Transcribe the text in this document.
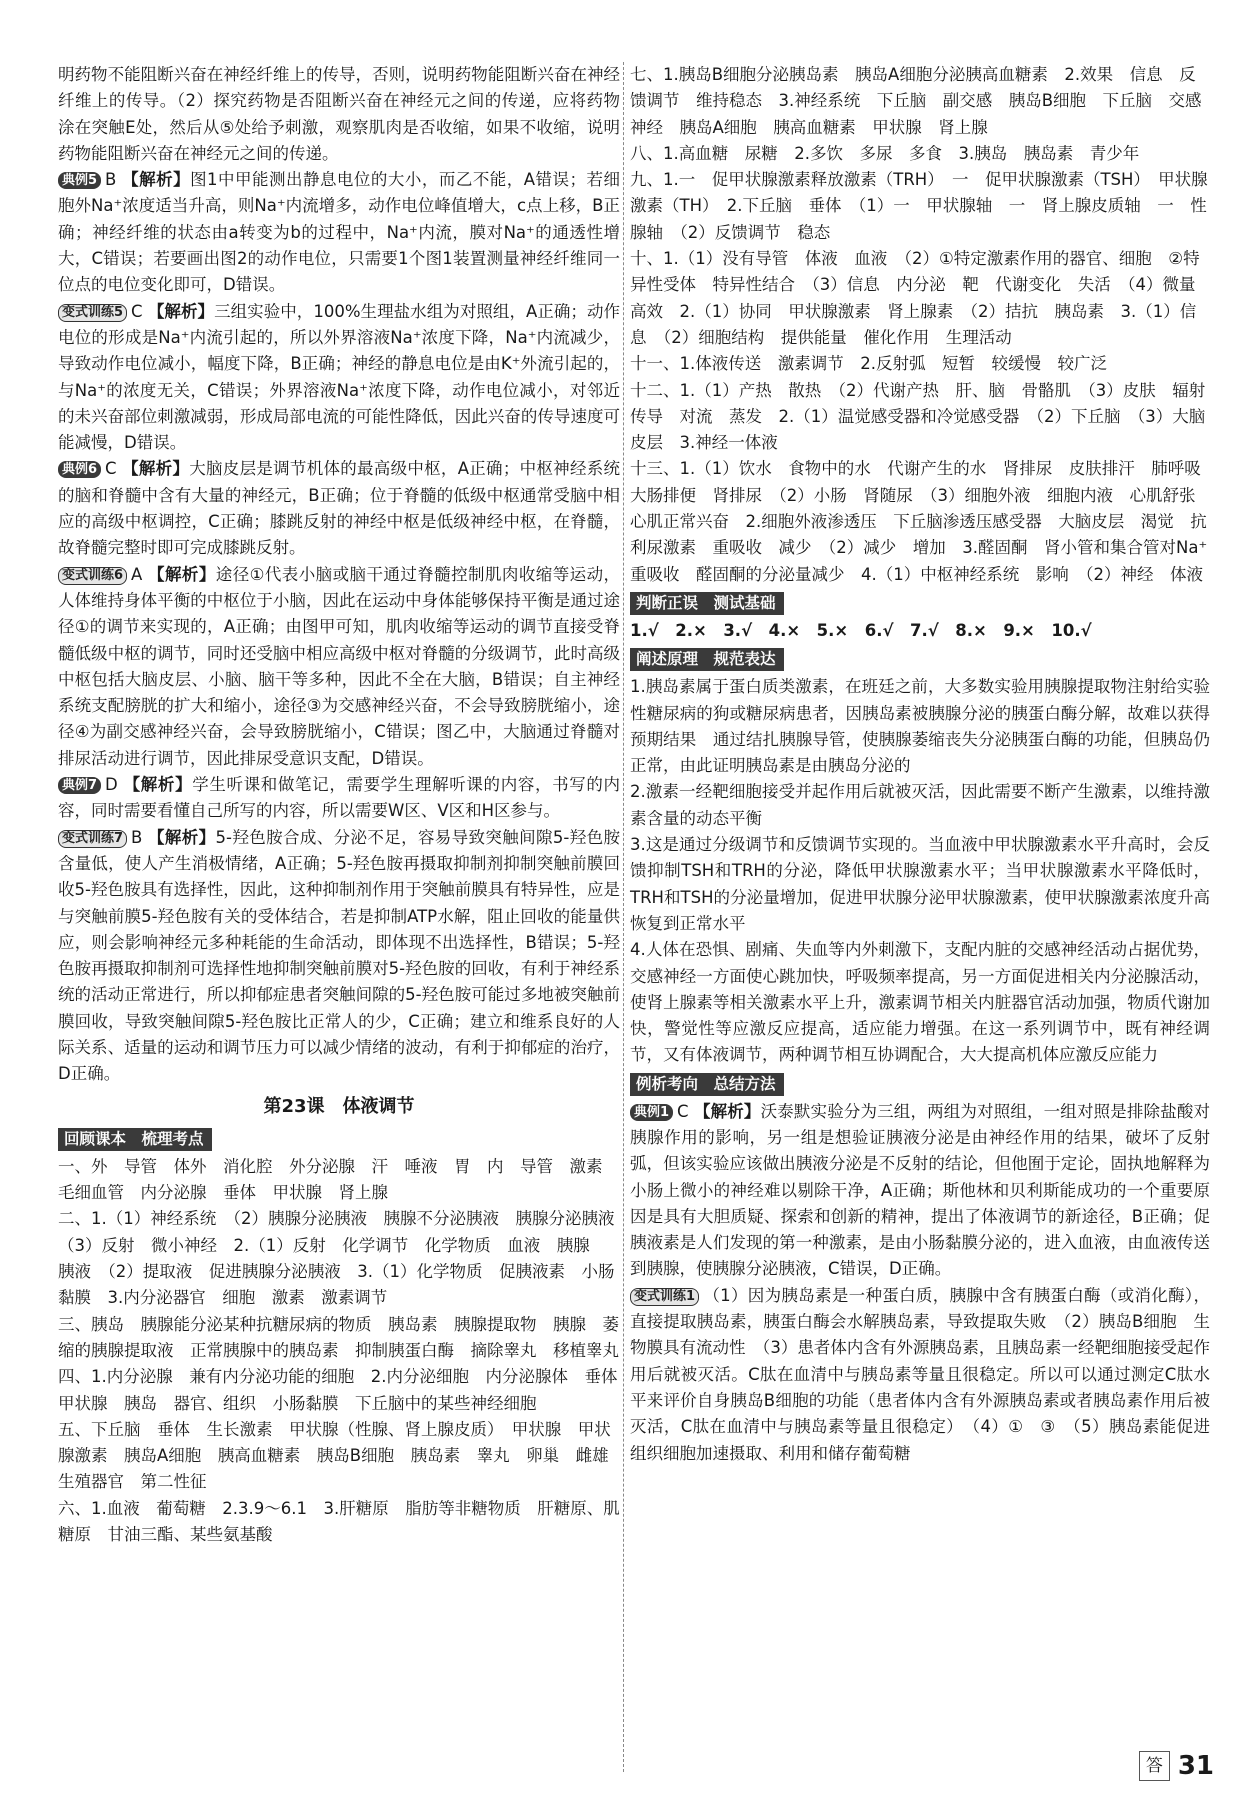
明药物不能阻断兴奋在神经纤维上的传导，否则，说明药物能阻断兴奋在神经纤维上的传导。（2）探究药物是否阻断兴奋在神经元之间的传递，应将药物涂在突触E处，然后从⑤处给予刺激，观察肌肉是否收缩，如果不收缩，说明药物能阻断兴奋在神经元之间的传递。

典例5 B 【解析】图1中甲能测出静息电位的大小，而乙不能，A错误；若细胞外Na⁺浓度适当升高，则Na⁺内流增多，动作电位峰值增大，c点上移，B正确；神经纤维的状态由a转变为b的过程中，Na⁺内流，膜对Na⁺的通透性增大，C错误；若要画出图2的动作电位，只需要1个图1装置测量神经纤维同一位点的电位变化即可，D错误。

变式训练5 C 【解析】三组实验中，100%生理盐水组为对照组，A正确；动作电位的形成是Na⁺内流引起的，所以外界溶液Na⁺浓度下降，Na⁺内流减少，导致动作电位减小，幅度下降，B正确；神经的静息电位是由K⁺外流引起的，与Na⁺的浓度无关，C错误；外界溶液Na⁺浓度下降，动作电位减小，对邻近的未兴奋部位刺激减弱，形成局部电流的可能性降低，因此兴奋的传导速度可能减慢，D错误。

典例6 C 【解析】大脑皮层是调节机体的最高级中枢，A正确；中枢神经系统的脑和脊髓中含有大量的神经元，B正确；位于脊髓的低级中枢通常受脑中相应的高级中枢调控，C正确；膝跳反射的神经中枢是低级神经中枢，在脊髓，故脊髓完整时即可完成膝跳反射。

变式训练6 A 【解析】途径①代表小脑或脑干通过脊髓控制肌肉收缩等运动，人体维持身体平衡的中枢位于小脑，因此在运动中身体能够保持平衡是通过途径①的调节来实现的，A正确；由图甲可知，肌肉收缩等运动的调节直接受脊髓低级中枢的调节，同时还受脑中相应高级中枢对脊髓的分级调节，此时高级中枢包括大脑皮层、小脑、脑干等多种，因此不全在大脑，B错误；自主神经系统支配膀胱的扩大和缩小，途径③为交感神经兴奋，不会导致膀胱缩小，途径④为副交感神经兴奋，会导致膀胱缩小，C错误；图乙中，大脑通过脊髓对排尿活动进行调节，因此排尿受意识支配，D错误。

典例7 D 【解析】学生听课和做笔记，需要学生理解听课的内容，书写的内容，同时需要看懂自己所写的内容，所以需要W区、V区和H区参与。

变式训练7 B 【解析】5-羟色胺合成、分泌不足，容易导致突触间隙5-羟色胺含量低，使人产生消极情绪，A正确；5-羟色胺再摄取抑制剂抑制突触前膜回收5-羟色胺具有选择性，因此，这种抑制剂作用于突触前膜具有特异性，应是与突触前膜5-羟色胺有关的受体结合，若是抑制ATP水解，阻止回收的能量供应，则会影响神经元多种耗能的生命活动，即体现不出选择性，B错误；5-羟色胺再摄取抑制剂可选择性地抑制突触前膜对5-羟色胺的回收，有利于神经系统的活动正常进行，所以抑郁症患者突触间隙的5-羟色胺可能过多地被突触前膜回收，导致突触间隙5-羟色胺比正常人的少，C正确；建立和维系良好的人际关系、适量的运动和调节压力可以减少情绪的波动，有利于抑郁症的治疗，D正确。

第23课　体液调节
回顾课本　梳理考点

一、外　导管　体外　消化腔　外分泌腺　汗　唾液　胃　内　导管　激素　毛细血管　内分泌腺　垂体　甲状腺　肾上腺

二、1.（1）神经系统　（2）胰腺分泌胰液　胰腺不分泌胰液　胰腺分泌胰液　（3）反射　微小神经　2.（1）反射　化学调节　化学物质　血液　胰腺　胰液　（2）提取液　促进胰腺分泌胰液　3.（1）化学物质　促胰液素　小肠黏膜　3.内分泌器官　细胞　激素　激素调节

三、胰岛　胰腺能分泌某种抗糖尿病的物质　胰岛素　胰腺提取物　胰腺　萎缩的胰腺提取液　正常胰腺中的胰岛素　抑制胰蛋白酶　摘除睾丸　移植睾丸

四、1.内分泌腺　兼有内分泌功能的细胞　2.内分泌细胞　内分泌腺体　垂体　甲状腺　胰岛　器官、组织　小肠黏膜　下丘脑中的某些神经细胞

五、下丘脑　垂体　生长激素　甲状腺（性腺、肾上腺皮质）　甲状腺　甲状腺激素　胰岛A细胞　胰高血糖素　胰岛B细胞　胰岛素　睾丸　卵巢　雌雄生殖器官　第二性征

六、1.血液　葡萄糖　2.3.9～6.1　3.肝糖原　脂肪等非糖物质　肝糖原、肌糖原　甘油三酯、某些氨基酸

七、1.胰岛B细胞分泌胰岛素　胰岛A细胞分泌胰高血糖素　2.效果　信息　反馈调节　维持稳态　3.神经系统　下丘脑　副交感　胰岛B细胞　下丘脑　交感神经　胰岛A细胞　胰高血糖素　甲状腺　肾上腺

八、1.高血糖　尿糖　2.多饮　多尿　多食　3.胰岛　胰岛素　青少年

九、1.一　促甲状腺激素释放激素（TRH）　一　促甲状腺激素（TSH）　甲状腺激素（TH）　2.下丘脑　垂体　（1）一　甲状腺轴　一　肾上腺皮质轴　一　性腺轴　（2）反馈调节　稳态

十、1.（1）没有导管　体液　血液　（2）①特定激素作用的器官、细胞　②特异性受体　特异性结合　（3）信息　内分泌　靶　代谢变化　失活　（4）微量　高效　2.（1）协同　甲状腺激素　肾上腺素　（2）拮抗　胰岛素　3.（1）信息　（2）细胞结构　提供能量　催化作用　生理活动

十一、1.体液传送　激素调节　2.反射弧　短暂　较缓慢　较广泛

十二、1.（1）产热　散热　（2）代谢产热　肝、脑　骨骼肌　（3）皮肤　辐射　传导　对流　蒸发　2.（1）温觉感受器和冷觉感受器　（2）下丘脑　（3）大脑皮层　3.神经一体液

十三、1.（1）饮水　食物中的水　代谢产生的水　肾排尿　皮肤排汗　肺呼吸　大肠排便　肾排尿　（2）小肠　肾随尿　（3）细胞外液　细胞内液　心肌舒张　心肌正常兴奋　2.细胞外液渗透压　下丘脑渗透压感受器　大脑皮层　渴觉　抗利尿激素　重吸收　减少　（2）减少　增加　3.醛固酮　肾小管和集合管对Na⁺重吸收　醛固酮的分泌量减少　4.（1）中枢神经系统　影响　（2）神经　体液

判断正误　测试基础

1.√　2.×　3.√　4.×　5.×　6.√　7.√　8.×　9.×　10.√

阐述原理　规范表达

1.胰岛素属于蛋白质类激素，在班廷之前，大多数实验用胰腺提取物注射给实验性糖尿病的狗或糖尿病患者，因胰岛素被胰腺分泌的胰蛋白酶分解，故难以获得预期结果　通过结扎胰腺导管，使胰腺萎缩丧失分泌胰蛋白酶的功能，但胰岛仍正常，由此证明胰岛素是由胰岛分泌的

2.激素一经靶细胞接受并起作用后就被灭活，因此需要不断产生激素，以维持激素含量的动态平衡

3.这是通过分级调节和反馈调节实现的。当血液中甲状腺激素水平升高时，会反馈抑制TSH和TRH的分泌，降低甲状腺激素水平；当甲状腺激素水平降低时，TRH和TSH的分泌量增加，促进甲状腺分泌甲状腺激素，使甲状腺激素浓度升高恢复到正常水平

4.人体在恐惧、剧痛、失血等内外刺激下，支配内脏的交感神经活动占据优势，交感神经一方面使心跳加快，呼吸频率提高，另一方面促进相关内分泌腺活动，使肾上腺素等相关激素水平上升，激素调节相关内脏器官活动加强，物质代谢加快，警觉性等应激反应提高，适应能力增强。在这一系列调节中，既有神经调节，又有体液调节，两种调节相互协调配合，大大提高机体应激反应能力

例析考向　总结方法

典例1 C 【解析】沃泰默实验分为三组，两组为对照组，一组对照是排除盐酸对胰腺作用的影响，另一组是想验证胰液分泌是由神经作用的结果，破坏了反射弧，但该实验应该做出胰液分泌是不反射的结论，但他囿于定论，固执地解释为小肠上微小的神经难以剔除干净，A正确；斯他林和贝利斯能成功的一个重要原因是具有大胆质疑、探索和创新的精神，提出了体液调节的新途径，B正确；促胰液素是人们发现的第一种激素，是由小肠黏膜分泌的，进入血液，由血液传送到胰腺，使胰腺分泌胰液，C错误，D正确。

变式训练1 （1）因为胰岛素是一种蛋白质，胰腺中含有胰蛋白酶（或消化酶），直接提取胰岛素，胰蛋白酶会水解胰岛素，导致提取失败　（2）胰岛B细胞　生物膜具有流动性　（3）患者体内含有外源胰岛素，且胰岛素一经靶细胞接受起作用后就被灭活。C肽在血清中与胰岛素等量且很稳定。所以可以通过测定C肽水平来评价自身胰岛B细胞的功能（患者体内含有外源胰岛素或者胰岛素作用后被灭活，C肽在血清中与胰岛素等量且很稳定）　（4）①　③　（5）胰岛素能促进组织细胞加速摄取、利用和储存葡萄糖

答 31
